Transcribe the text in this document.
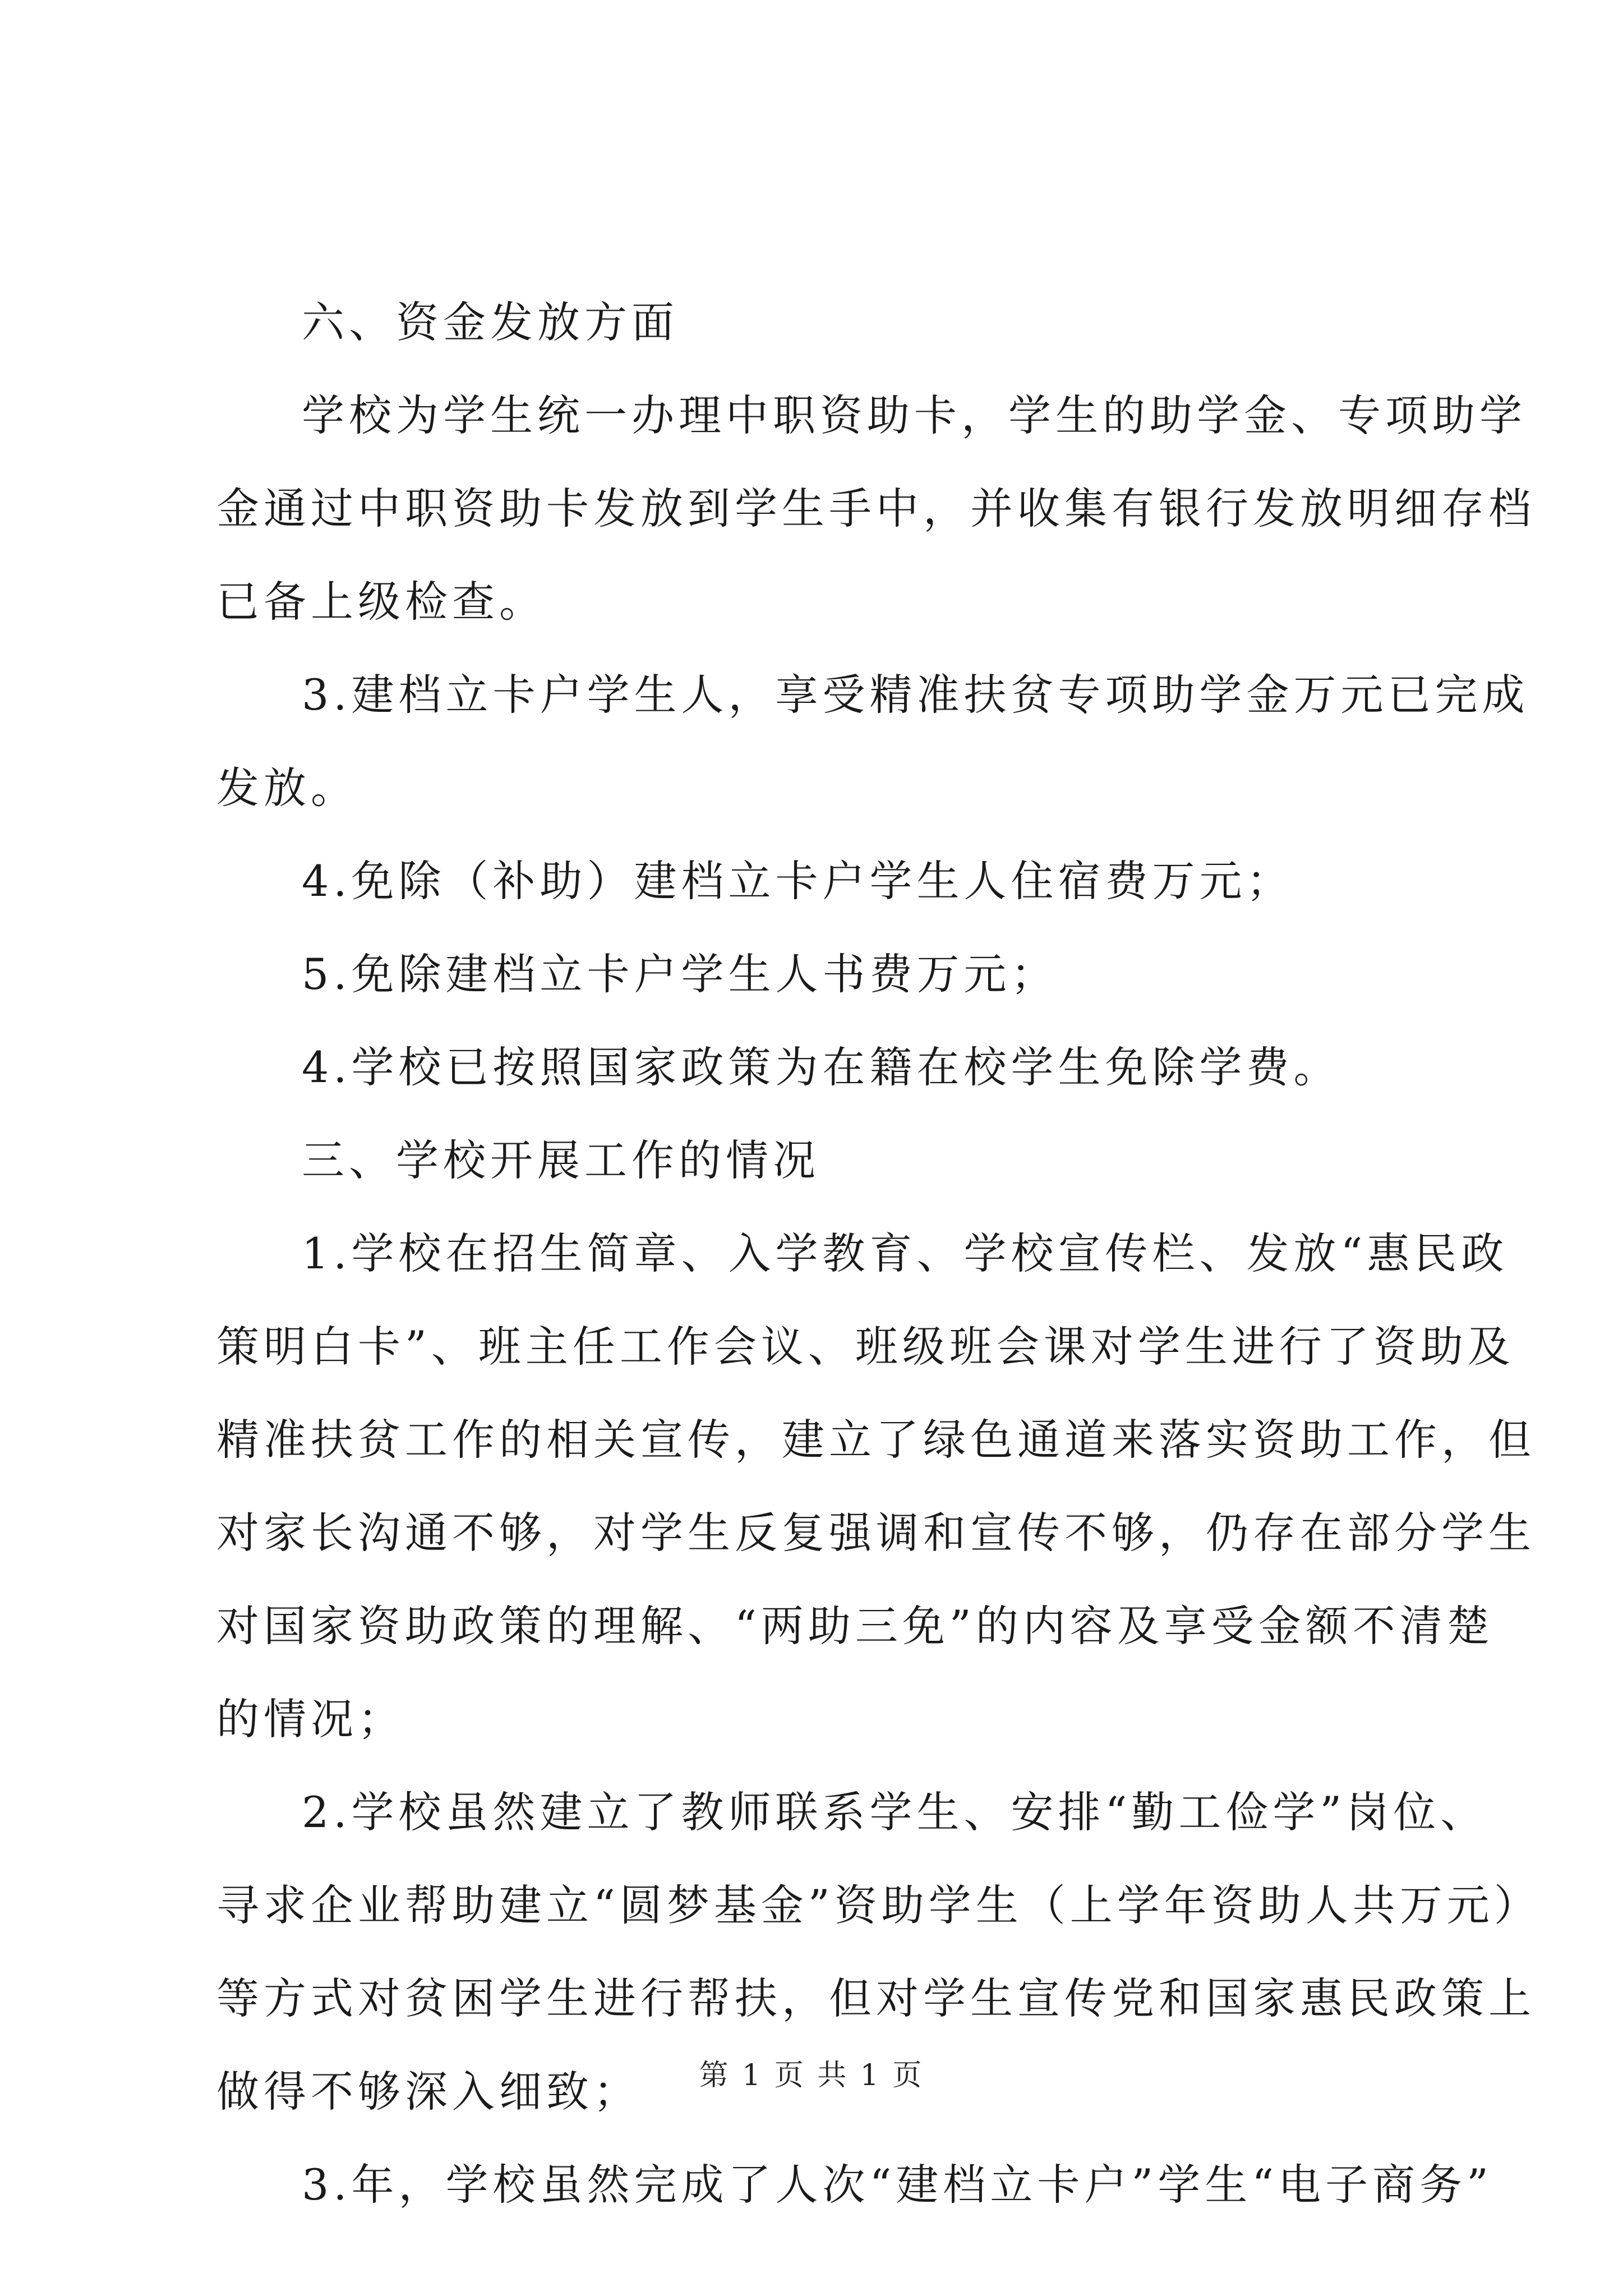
六、资金发放方面
学校为学生统一办理中职资助卡，学生的助学金、专项助学
金通过中职资助卡发放到学生手中，并收集有银行发放明细存档
已备上级检查。
3.建档立卡户学生人，享受精准扶贫专项助学金万元已完成
发放。
4.免除（补助）建档立卡户学生人住宿费万元；
5.免除建档立卡户学生人书费万元；
4.学校已按照国家政策为在籍在校学生免除学费。
三、学校开展工作的情况
1.学校在招生简章、入学教育、学校宣传栏、发放“惠民政
策明白卡”、班主任工作会议、班级班会课对学生进行了资助及
精准扶贫工作的相关宣传，建立了绿色通道来落实资助工作，但
对家长沟通不够，对学生反复强调和宣传不够，仍存在部分学生
对国家资助政策的理解、“两助三免”的内容及享受金额不清楚
的情况；
2.学校虽然建立了教师联系学生、安排“勤工俭学”岗位、
寻求企业帮助建立“圆梦基金”资助学生（上学年资助人共万元）
等方式对贫困学生进行帮扶，但对学生宣传党和国家惠民政策上
做得不够深入细致；
3.年，学校虽然完成了人次“建档立卡户”学生“电子商务”
第 1 页 共 1 页
